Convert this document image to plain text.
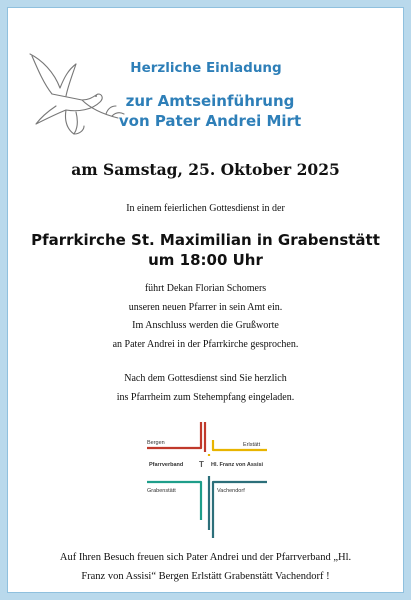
Herzliche Einladung
zur Amtseinführung
von Pater Andrei Mirt
am Samstag, 25. Oktober 2025
In einem feierlichen Gottesdienst in der
Pfarrkirche St. Maximilian in Grabenstätt
um 18:00 Uhr
führt Dekan Florian Schomers
unseren neuen Pfarrer in sein Amt ein.
Im Anschluss werden die Grußworte
an Pater Andrei in der Pfarrkirche gesprochen.
Nach dem Gottesdienst sind Sie herzlich
ins Pfarrheim zum Stehempfang eingeladen.
Bergen	Erlstätt
Pfarrverband T Hl. Franz von Assisi
Grabenstätt	Vachendorf
Auf Ihren Besuch freuen sich Pater Andrei und der Pfarrverband „Hl.
Franz von Assisi“ Bergen Erlstätt Grabenstätt Vachendorf !
